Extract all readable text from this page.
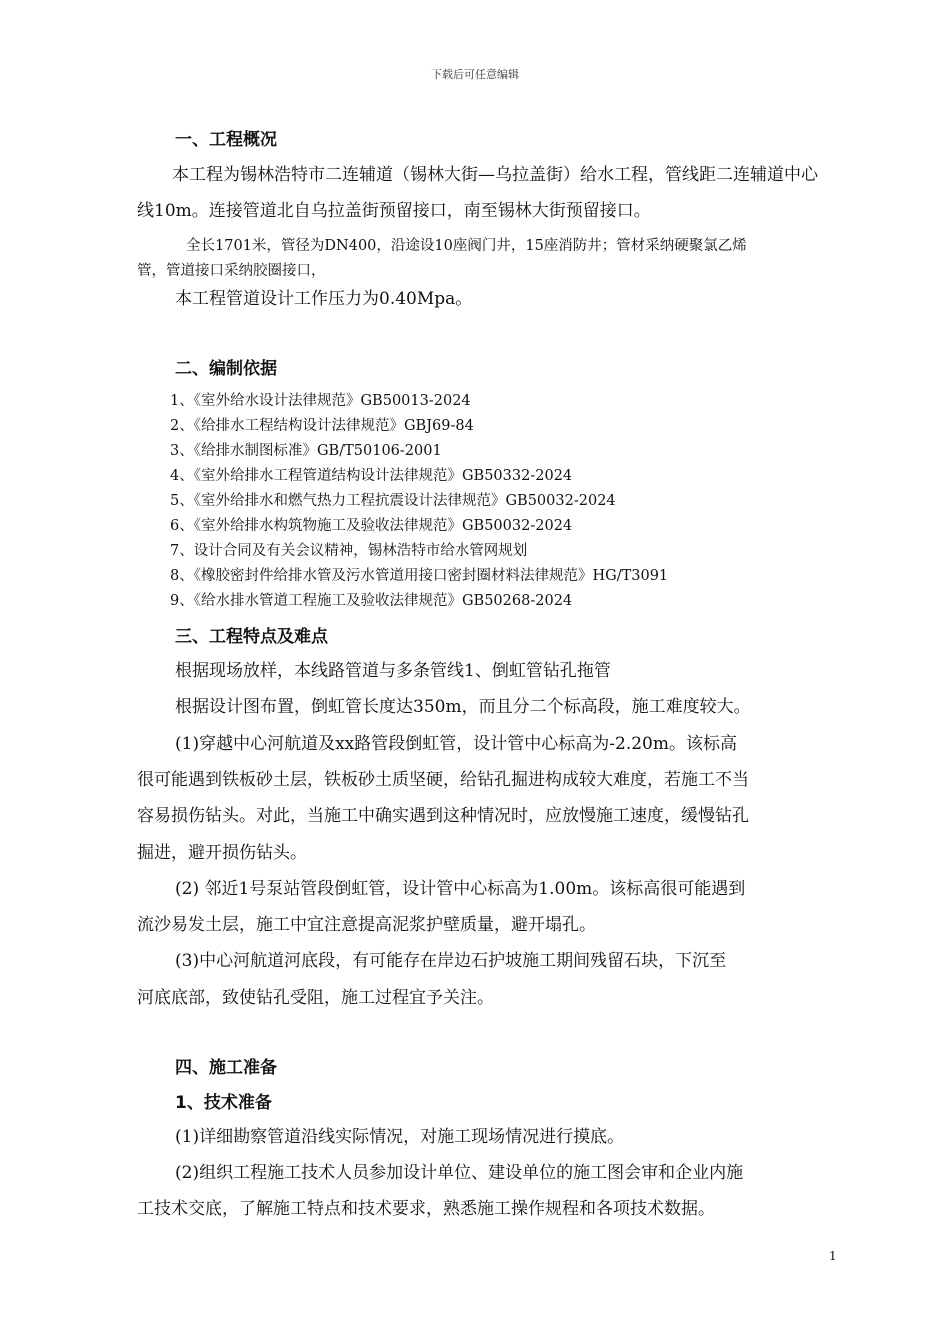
下载后可任意编辑
一、工程概况
本工程为锡林浩特市二连辅道（锡林大街—乌拉盖街）给水工程，管线距二连辅道中心
线10m。连接管道北自乌拉盖街预留接口，南至锡林大街预留接口。
全长1701米，管径为DN400，沿途设10座阀门井，15座消防井；管材采纳硬聚氯乙烯
管，管道接口采纳胶圈接口，
本工程管道设计工作压力为0.40Mpa。
二、编制依据
1、《室外给水设计法律规范》GB50013-2024
2、《给排水工程结构设计法律规范》GBJ69-84
3、《给排水制图标准》GB/T50106-2001
4、《室外给排水工程管道结构设计法律规范》GB50332-2024
5、《室外给排水和燃气热力工程抗震设计法律规范》GB50032-2024
6、《室外给排水构筑物施工及验收法律规范》GB50032-2024
7、设计合同及有关会议精神，锡林浩特市给水管网规划
8、《橡胶密封件给排水管及污水管道用接口密封圈材料法律规范》HG/T3091
9、《给水排水管道工程施工及验收法律规范》GB50268-2024
三、工程特点及难点
根据现场放样，本线路管道与多条管线1、倒虹管钻孔拖管
根据设计图布置，倒虹管长度达350m，而且分二个标高段，施工难度较大。
(1)穿越中心河航道及xx路管段倒虹管，设计管中心标高为-2.20m。该标高
很可能遇到铁板砂土层，铁板砂土质坚硬，给钻孔掘进构成较大难度，若施工不当
容易损伤钻头。对此，当施工中确实遇到这种情况时，应放慢施工速度，缓慢钻孔
掘进，避开损伤钻头。
(2) 邻近1号泵站管段倒虹管，设计管中心标高为1.00m。该标高很可能遇到
流沙易发土层，施工中宜注意提高泥浆护壁质量，避开塌孔。
(3)中心河航道河底段，有可能存在岸边石护坡施工期间残留石块，下沉至
河底底部，致使钻孔受阻，施工过程宜予关注。
四、施工准备
1、技术准备
(1)详细勘察管道沿线实际情况，对施工现场情况进行摸底。
(2)组织工程施工技术人员参加设计单位、建设单位的施工图会审和企业内施
工技术交底，了解施工特点和技术要求，熟悉施工操作规程和各项技术数据。
1
